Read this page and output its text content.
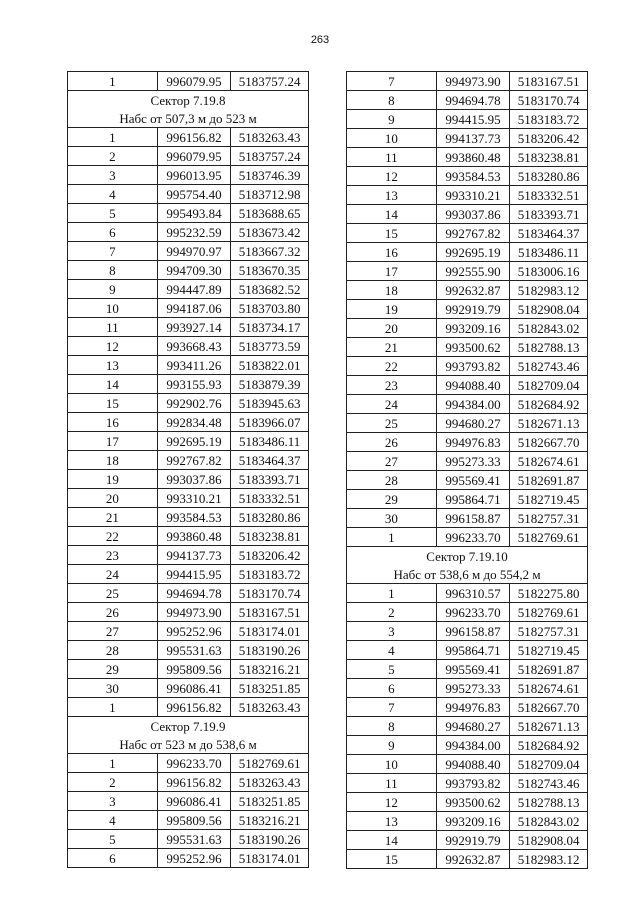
263
1	996079.95	5183757.24
Сектор 7.19.8		
Набс от 507,3 м до 523 м		
1	996156.82	5183263.43
2	996079.95	5183757.24
3	996013.95	5183746.39
4	995754.40	5183712.98
5	995493.84	5183688.65
6	995232.59	5183673.42
7	994970.97	5183667.32
8	994709.30	5183670.35
9	994447.89	5183682.52
10	994187.06	5183703.80
11	993927.14	5183734.17
12	993668.43	5183773.59
13	993411.26	5183822.01
14	993155.93	5183879.39
15	992902.76	5183945.63
16	992834.48	5183966.07
17	992695.19	5183486.11
18	992767.82	5183464.37
19	993037.86	5183393.71
20	993310.21	5183332.51
21	993584.53	5183280.86
22	993860.48	5183238.81
23	994137.73	5183206.42
24	994415.95	5183183.72
25	994694.78	5183170.74
26	994973.90	5183167.51
27	995252.96	5183174.01
28	995531.63	5183190.26
29	995809.56	5183216.21
30	996086.41	5183251.85
1	996156.82	5183263.43
Сектор 7.19.9		
Набс от 523 м до 538,6 м		
1	996233.70	5182769.61
2	996156.82	5183263.43
3	996086.41	5183251.85
4	995809.56	5183216.21
5	995531.63	5183190.26
6	995252.96	5183174.01
7	994973.90	5183167.51
8	994694.78	5183170.74
9	994415.95	5183183.72
10	994137.73	5183206.42
11	993860.48	5183238.81
12	993584.53	5183280.86
13	993310.21	5183332.51
14	993037.86	5183393.71
15	992767.82	5183464.37
16	992695.19	5183486.11
17	992555.90	5183006.16
18	992632.87	5182983.12
19	992919.79	5182908.04
20	993209.16	5182843.02
21	993500.62	5182788.13
22	993793.82	5182743.46
23	994088.40	5182709.04
24	994384.00	5182684.92
25	994680.27	5182671.13
26	994976.83	5182667.70
27	995273.33	5182674.61
28	995569.41	5182691.87
29	995864.71	5182719.45
30	996158.87	5182757.31
1	996233.70	5182769.61
Сектор 7.19.10		
Набс от 538,6 м до 554,2 м		
1	996310.57	5182275.80
2	996233.70	5182769.61
3	996158.87	5182757.31
4	995864.71	5182719.45
5	995569.41	5182691.87
6	995273.33	5182674.61
7	994976.83	5182667.70
8	994680.27	5182671.13
9	994384.00	5182684.92
10	994088.40	5182709.04
11	993793.82	5182743.46
12	993500.62	5182788.13
13	993209.16	5182843.02
14	992919.79	5182908.04
15	992632.87	5182983.12
